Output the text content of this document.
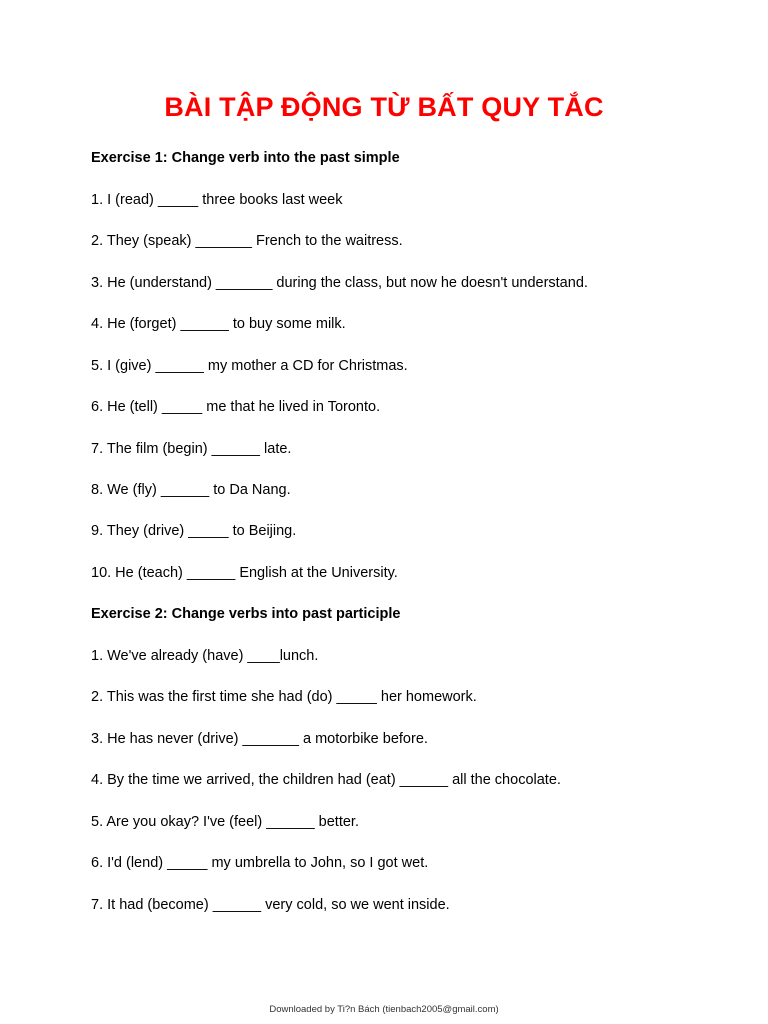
BÀI TẬP ĐỘNG TỪ BẤT QUY TẮC
Exercise 1: Change verb into the past simple
1. I (read) _____ three books last week
2. They (speak) _______ French to the waitress.
3. He (understand) _______ during the class, but now he doesn't understand.
4. He (forget) ______ to buy some milk.
5. I (give) ______ my mother a CD for Christmas.
6. He (tell) _____ me that he lived in Toronto.
7. The film (begin) ______ late.
8. We (fly) ______ to Da Nang.
9. They (drive) _____ to Beijing.
10. He (teach) ______ English at the University.
Exercise 2: Change verbs into past participle
1. We've already (have) ____lunch.
2. This was the first time she had (do) _____ her homework.
3. He has never (drive) _______ a motorbike before.
4. By the time we arrived, the children had (eat) ______ all the chocolate.
5. Are you okay? I've (feel) ______ better.
6. I'd (lend) _____ my umbrella to John, so I got wet.
7. It had (become) ______ very cold, so we went inside.
Downloaded by Ti?n Bách (tienbach2005@gmail.com)
